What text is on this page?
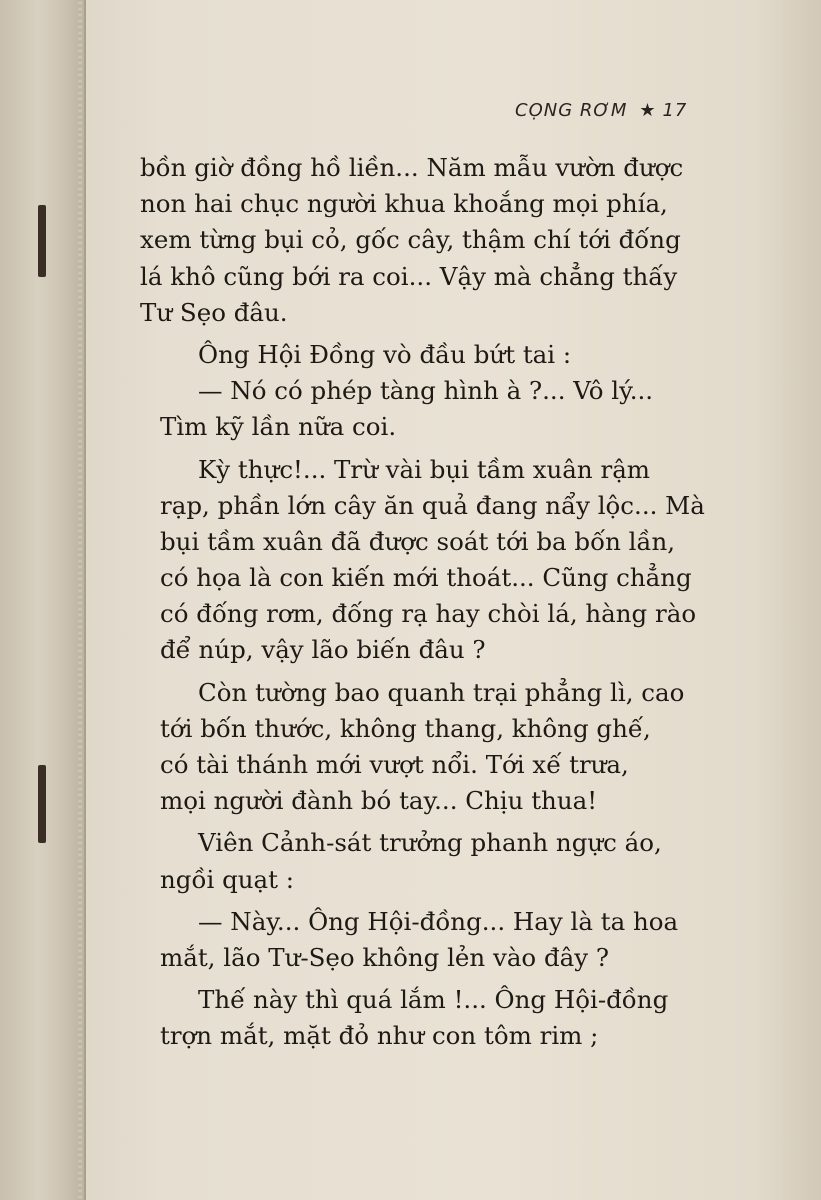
CỌNG RƠM ★ 17
bồn giờ đồng hồ liền... Năm mẫu vườn được
non hai chục người khua khoắng mọi phía,
xem từng bụi cỏ, gốc cây, thậm chí tới đống
lá khô cũng bới ra coi... Vậy mà chẳng thấy
Tư Sẹo đâu.
Ông Hội Đồng vò đầu bứt tai :
— Nó có phép tàng hình à ?... Vô lý...
Tìm kỹ lần nữa coi.
Kỳ thực!... Trừ vài bụi tầm xuân rậm
rạp, phần lớn cây ăn quả đang nẩy lộc... Mà
bụi tầm xuân đã được soát tới ba bốn lần,
có họa là con kiến mới thoát... Cũng chẳng
có đống rơm, đống rạ hay chòi lá, hàng rào
để núp, vậy lão biến đâu ?
Còn tường bao quanh trại phẳng lì, cao
tới bốn thước, không thang, không ghế,
có tài thánh mới vượt nổi. Tới xế trưa,
mọi người đành bó tay... Chịu thua!
Viên Cảnh-sát trưởng phanh ngực áo,
ngồi quạt :
— Này... Ông Hội-đồng... Hay là ta hoa
mắt, lão Tư-Sẹo không lẻn vào đây ?
Thế này thì quá lắm !... Ông Hội-đồng
trợn mắt, mặt đỏ như con tôm rim ;
